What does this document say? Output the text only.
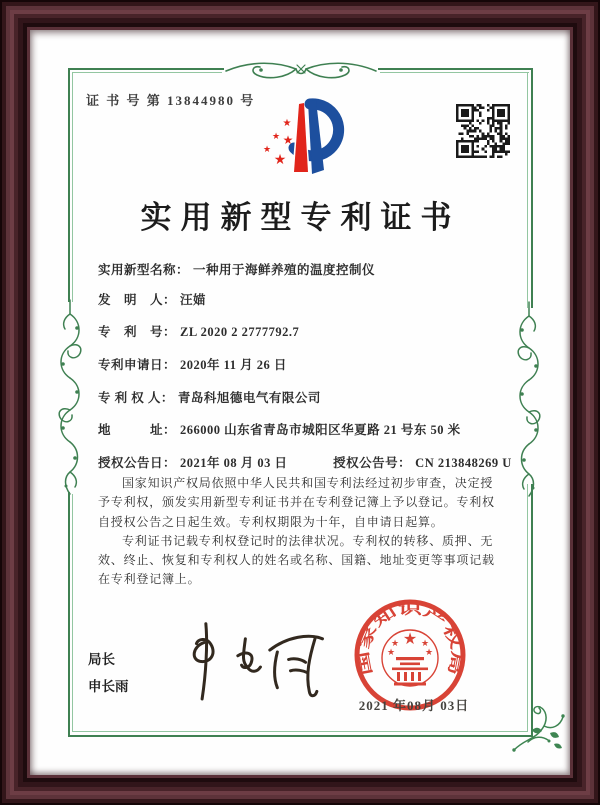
证 书 号 第 13844980 号
★
★ ★
★
★
实用新型专利证书
实用新型名称： 一种用于海鲜养殖的温度控制仪
发　明　人： 汪媌
专　利　号： ZL 2020 2 2777792.7
专利申请日： 2020年 11 月 26 日
专 利 权 人： 青岛科旭德电气有限公司
地　　　址： 266000 山东省青岛市城阳区华夏路 21 号东 50 米
授权公告日： 2021年 08 月 03 日	授权公告号： CN 213848269 U

国家知识产权局依照中华人民共和国专利法经过初步审查，决定授予专利权，颁发实用新型专利证书并在专利登记簿上予以登记。专利权自授权公告之日起生效。专利权期限为十年，自申请日起算。

专利证书记载专利权登记时的法律状况。专利权的转移、质押、无效、终止、恢复和专利权人的姓名或名称、国籍、地址变更等事项记载在专利登记簿上。

局长
申长雨
国家知识产权局
★
★ ★
★	★
2021 年08月 03日
